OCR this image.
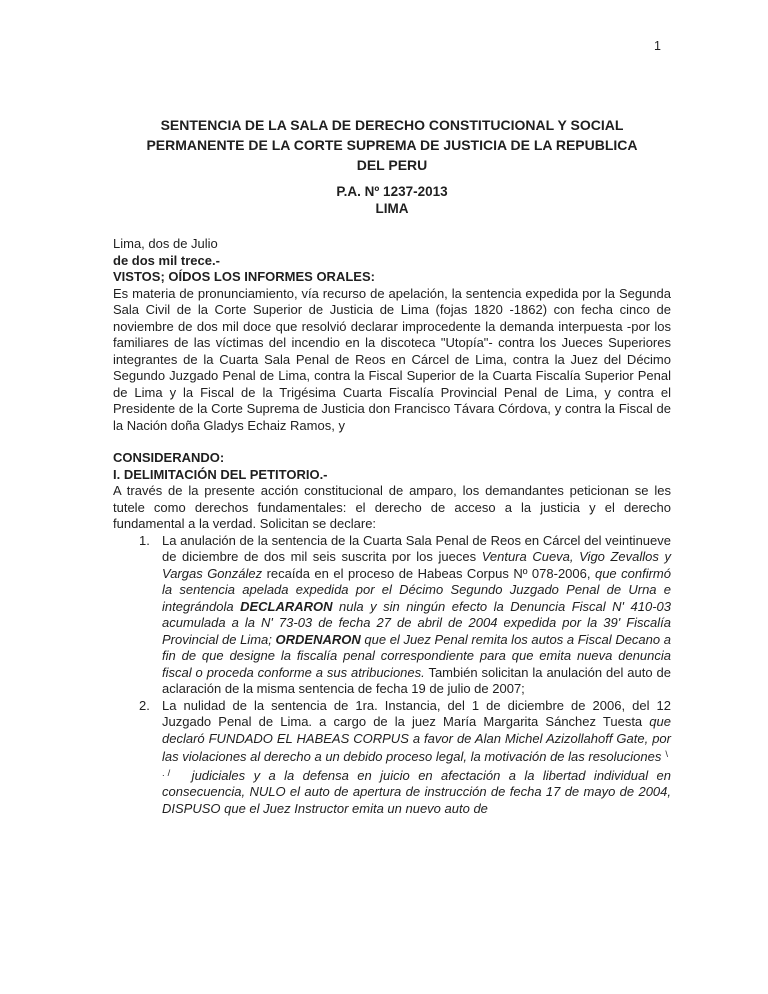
1
SENTENCIA DE LA SALA DE DERECHO CONSTITUCIONAL Y SOCIAL
PERMANENTE DE LA CORTE SUPREMA DE JUSTICIA DE LA REPUBLICA
DEL PERU
P.A. Nº 1237-2013
LIMA

Lima, dos de Julio

de dos mil trece.-

VISTOS; OÍDOS LOS INFORMES ORALES:

Es materia de pronunciamiento, vía recurso de apelación, la sentencia expedida por la Segunda Sala Civil de la Corte Superior de Justicia de Lima (fojas 1820 -1862) con fecha cinco de noviembre de dos mil doce que resolvió declarar improcedente la demanda interpuesta -por los familiares de las víctimas del incendio en la discoteca "Utopía"- contra los Jueces Superiores integrantes de la Cuarta Sala Penal de Reos en Cárcel de Lima, contra la Juez del Décimo Segundo Juzgado Penal de Lima, contra la Fiscal Superior de la Cuarta Fiscalía Superior Penal de Lima y la Fiscal de la Trigésima Cuarta Fiscalía Provincial Penal de Lima, y contra el Presidente de la Corte Suprema de Justicia don Francisco Távara Córdova, y contra la Fiscal de la Nación doña Gladys Echaiz Ramos, y

CONSIDERANDO:

I. DELIMITACIÓN DEL PETITORIO.-

A través de la presente acción constitucional de amparo, los demandantes peticionan se les tutele como derechos fundamentales: el derecho de acceso a la justicia y el derecho fundamental a la verdad. Solicitan se declare:

1. La anulación de la sentencia de la Cuarta Sala Penal de Reos en Cárcel del veintinueve de diciembre de dos mil seis suscrita por los jueces Ventura Cueva, Vigo Zevallos y Vargas González recaída en el proceso de Habeas Corpus Nº 078-2006, que confirmó la sentencia apelada expedida por el Décimo Segundo Juzgado Penal de Urna e integrándola DECLARARON nula y sin ningún efecto la Denuncia Fiscal N' 410-03 acumulada a la N' 73-03 de fecha 27 de abril de 2004 expedida por la 39' Fiscalía Provincial de Lima; ORDENARON que el Juez Penal remita los autos a Fiscal Decano a fin de que designe la fiscalía penal correspondiente para que emita nueva denuncia fiscal o proceda conforme a sus atribuciones. También solicitan la anulación del auto de aclaración de la misma sentencia de fecha 19 de julio de 2007;
2. La nulidad de la sentencia de 1ra. Instancia, del 1 de diciembre de 2006, del 12 Juzgado Penal de Lima. a cargo de la juez María Margarita Sánchez Tuesta que declaró FUNDADO EL HABEAS CORPUS a favor de Alan Michel Azizollahoff Gate, por las violaciones al derecho a un debido proceso legal, la motivación de las resoluciones \ ./ judiciales y a la defensa en juicio en afectación a la libertad individual en consecuencia, NULO el auto de apertura de instrucción de fecha 17 de mayo de 2004, DISPUSO que el Juez Instructor emita un nuevo auto de
